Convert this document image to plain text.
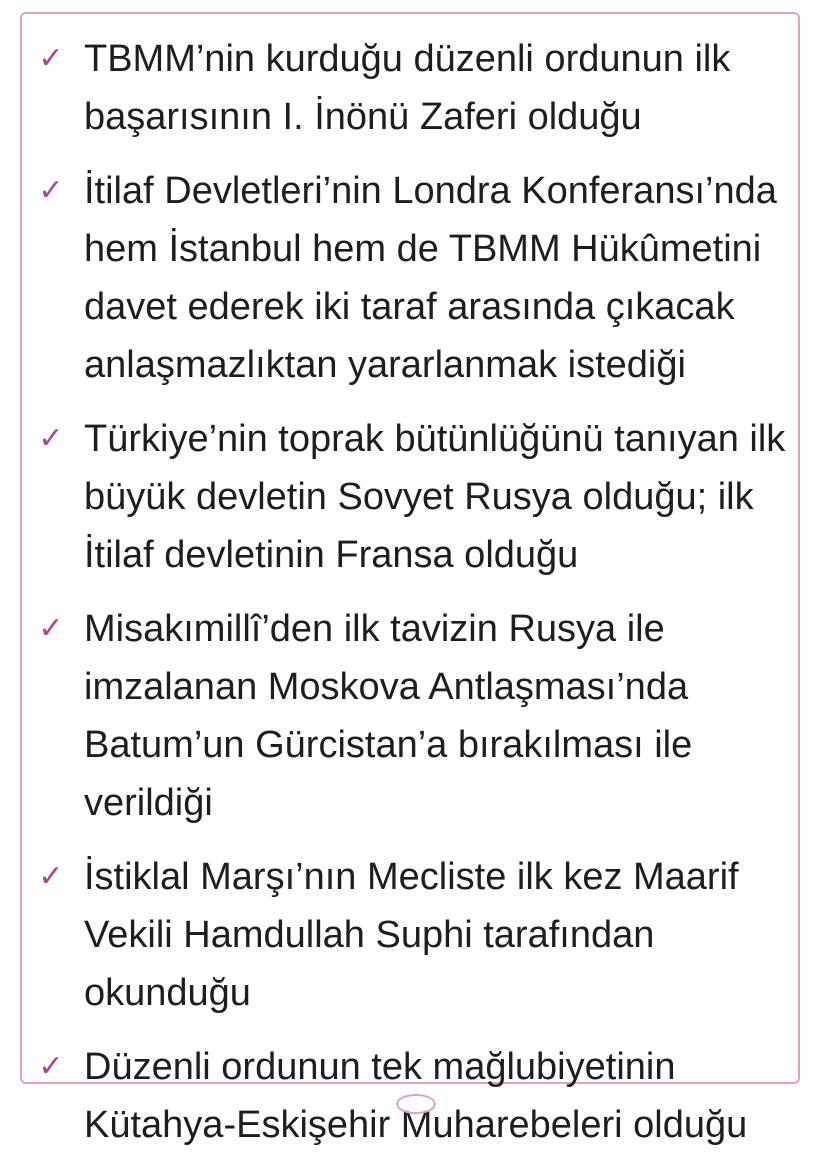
✓ TBMM’nin kurduğu düzenli ordunun ilk
başarısının I. İnönü Zaferi olduğu
✓ İtilaf Devletleri’nin Londra Konferansı’nda
hem İstanbul hem de TBMM Hükûmetini
davet ederek iki taraf arasında çıkacak
anlaşmazlıktan yararlanmak istediği
✓ Türkiye’nin toprak bütünlüğünü tanıyan ilk
büyük devletin Sovyet Rusya olduğu; ilk
İtilaf devletinin Fransa olduğu
✓ Misakımillî’den ilk tavizin Rusya ile
imzalanan Moskova Antlaşması’nda
Batum’un Gürcistan’a bırakılması ile
verildiği
✓ İstiklal Marşı’nın Mecliste ilk kez Maarif
Vekili Hamdullah Suphi tarafından
okunduğu
✓ Düzenli ordunun tek mağlubiyetinin
Kütahya-Eskişehir Muharebeleri olduğu
